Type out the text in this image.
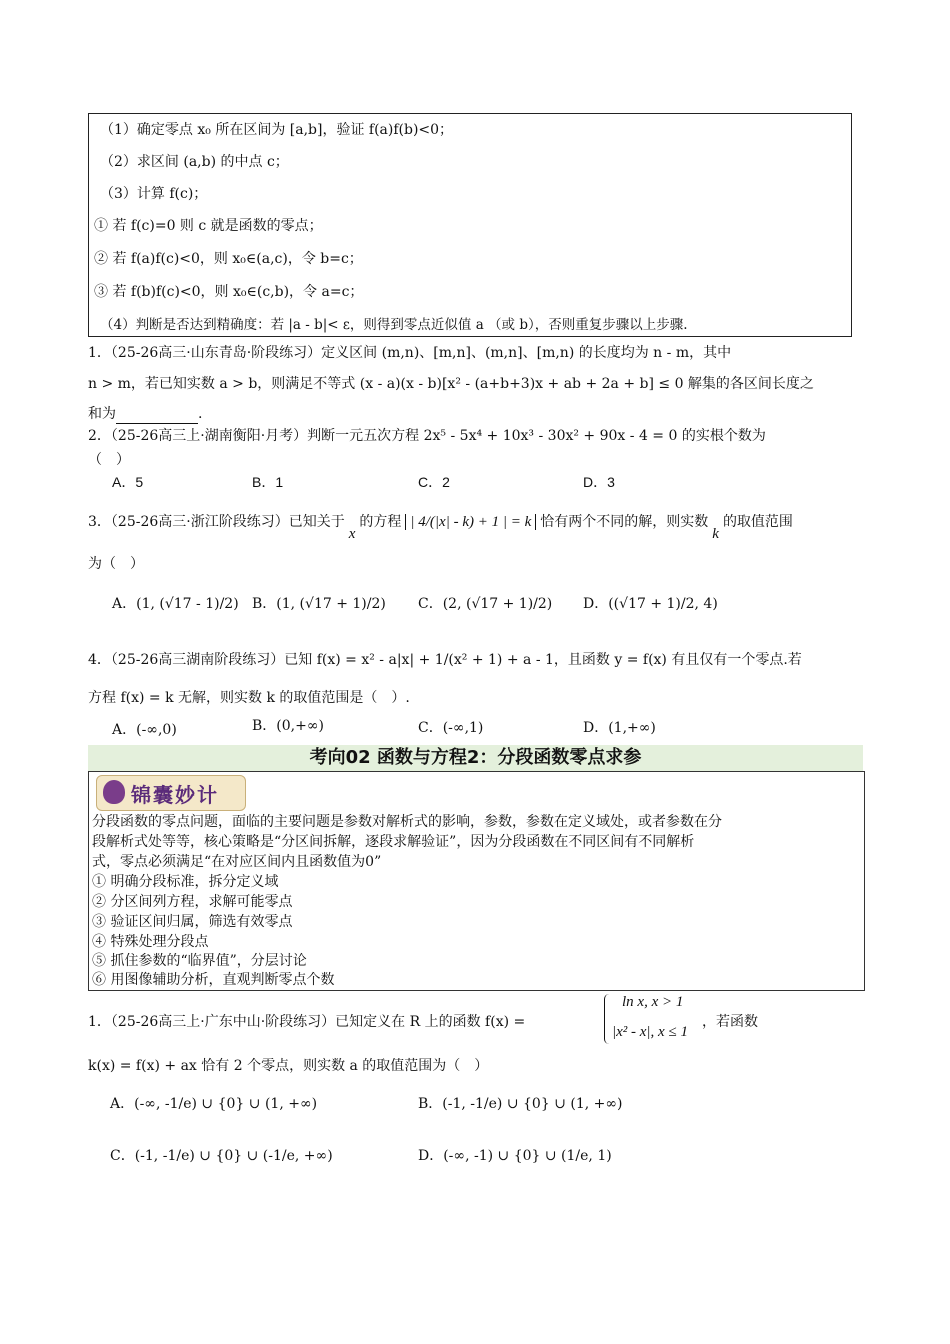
（1）确定零点 x₀ 所在区间为 [a,b]，验证 f(a)f(b)<0；
（2）求区间 (a,b) 的中点 c；
（3）计算 f(c)；
① 若 f(c)=0 则 c 就是函数的零点；
② 若 f(a)f(c)<0，则 x₀∈(a,c)，令 b=c；
③ 若 f(b)f(c)<0，则 x₀∈(c,b)，令 a=c；
（4）判断是否达到精确度：若 |a - b|< ε，则得到零点近似值 a （或 b），否则重复步骤以上步骤.
1．（25-26高三·山东青岛·阶段练习）定义区间 (m,n)、[m,n]、(m,n]、[m,n) 的长度均为 n - m，其中
n > m，若已知实数 a > b，则满足不等式 (x - a)(x - b)[x² - (a+b+3)x + ab + 2a + b] ≤ 0 解集的各区间长度之
和为	.
2．（25-26高三上·湖南衡阳·月考）判断一元五次方程 2x⁵ - 5x⁴ + 10x³ - 30x² + 90x - 4 = 0 的实根个数为
（　）
A．5	B．1	C．2	D．3
3．（25-26高三·浙江阶段练习）已知关于x的方程 | 4/(|x| - k) + 1 | = k 恰有两个不同的解，则实数k的取值范围
为（　）
A．(1, (√17 - 1)/2) B．(1, (√17 + 1)/2) C．(2, (√17 + 1)/2) D．((√17 + 1)/2, 4)
4．（25-26高三湖南阶段练习）已知 f(x) = x² - a|x| + 1/(x² + 1) + a - 1，且函数 y = f(x) 有且仅有一个零点.若
方程 f(x) = k 无解，则实数 k 的取值范围是（　）.
A．(-∞,0)	B．(0,+∞)	C．(-∞,1)	D．(1,+∞)
考向02 函数与方程2：分段函数零点求参
锦囊妙计
分段函数的零点问题，面临的主要问题是参数对解析式的影响，参数，参数在定义域处，或者参数在分
段解析式处等等，核心策略是“分区间拆解，逐段求解验证”，因为分段函数在不同区间有不同解析
式，零点必须满足“在对应区间内且函数值为0”
① 明确分段标准，拆分定义域
② 分区间列方程，求解可能零点
③ 验证区间归属，筛选有效零点
④ 特殊处理分段点
⑤ 抓住参数的“临界值”，分层讨论
⑥ 用图像辅助分析，直观判断零点个数
1．（25-26高三上·广东中山·阶段练习）已知定义在 R 上的函数 f(x) =
ln x, x > 1
|x² - x|, x ≤ 1
，若函数
k(x) = f(x) + ax 恰有 2 个零点，则实数 a 的取值范围为（　）
A．(-∞, -1/e) ∪ {0} ∪ (1, +∞)	B．(-1, -1/e) ∪ {0} ∪ (1, +∞)
C．(-1, -1/e) ∪ {0} ∪ (-1/e, +∞)	D．(-∞, -1) ∪ {0} ∪ (1/e, 1)
